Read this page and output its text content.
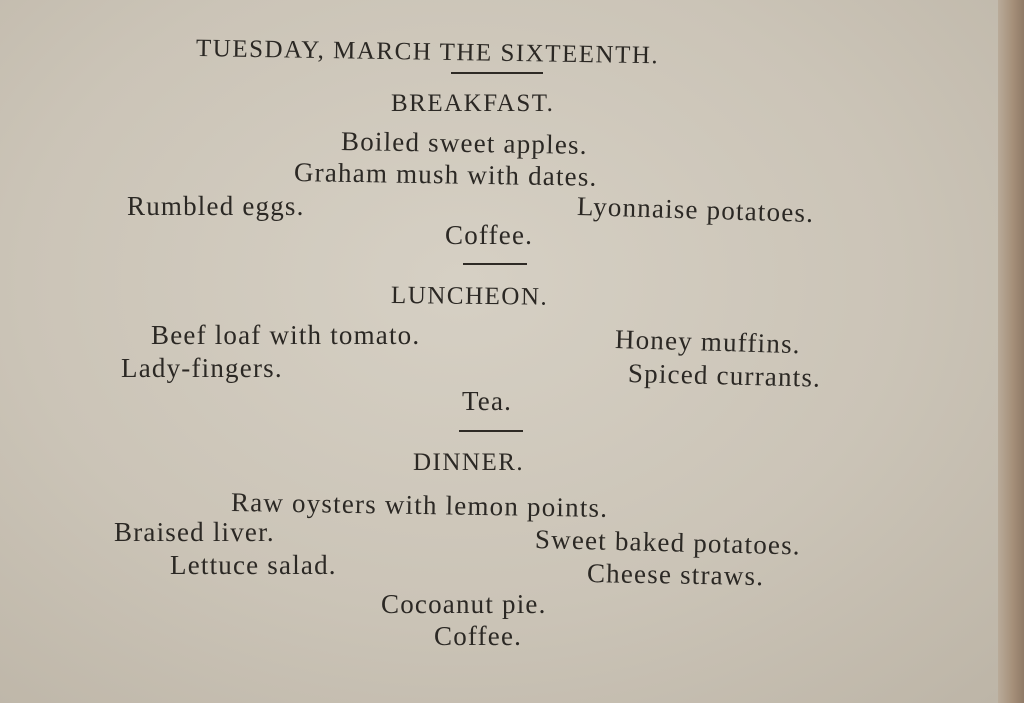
TUESDAY, MARCH THE SIXTEENTH.
BREAKFAST.
Boiled sweet apples.
Graham mush with dates.
Rumbled eggs.	Lyonnaise potatoes.
Coffee.
LUNCHEON.
Beef loaf with tomato.	Honey muffins.
Lady-fingers.	Spiced currants.
Tea.
DINNER.
Raw oysters with lemon points.
Braised liver.	Sweet baked potatoes.
Lettuce salad.	Cheese straws.
Cocoanut pie.
Coffee.
